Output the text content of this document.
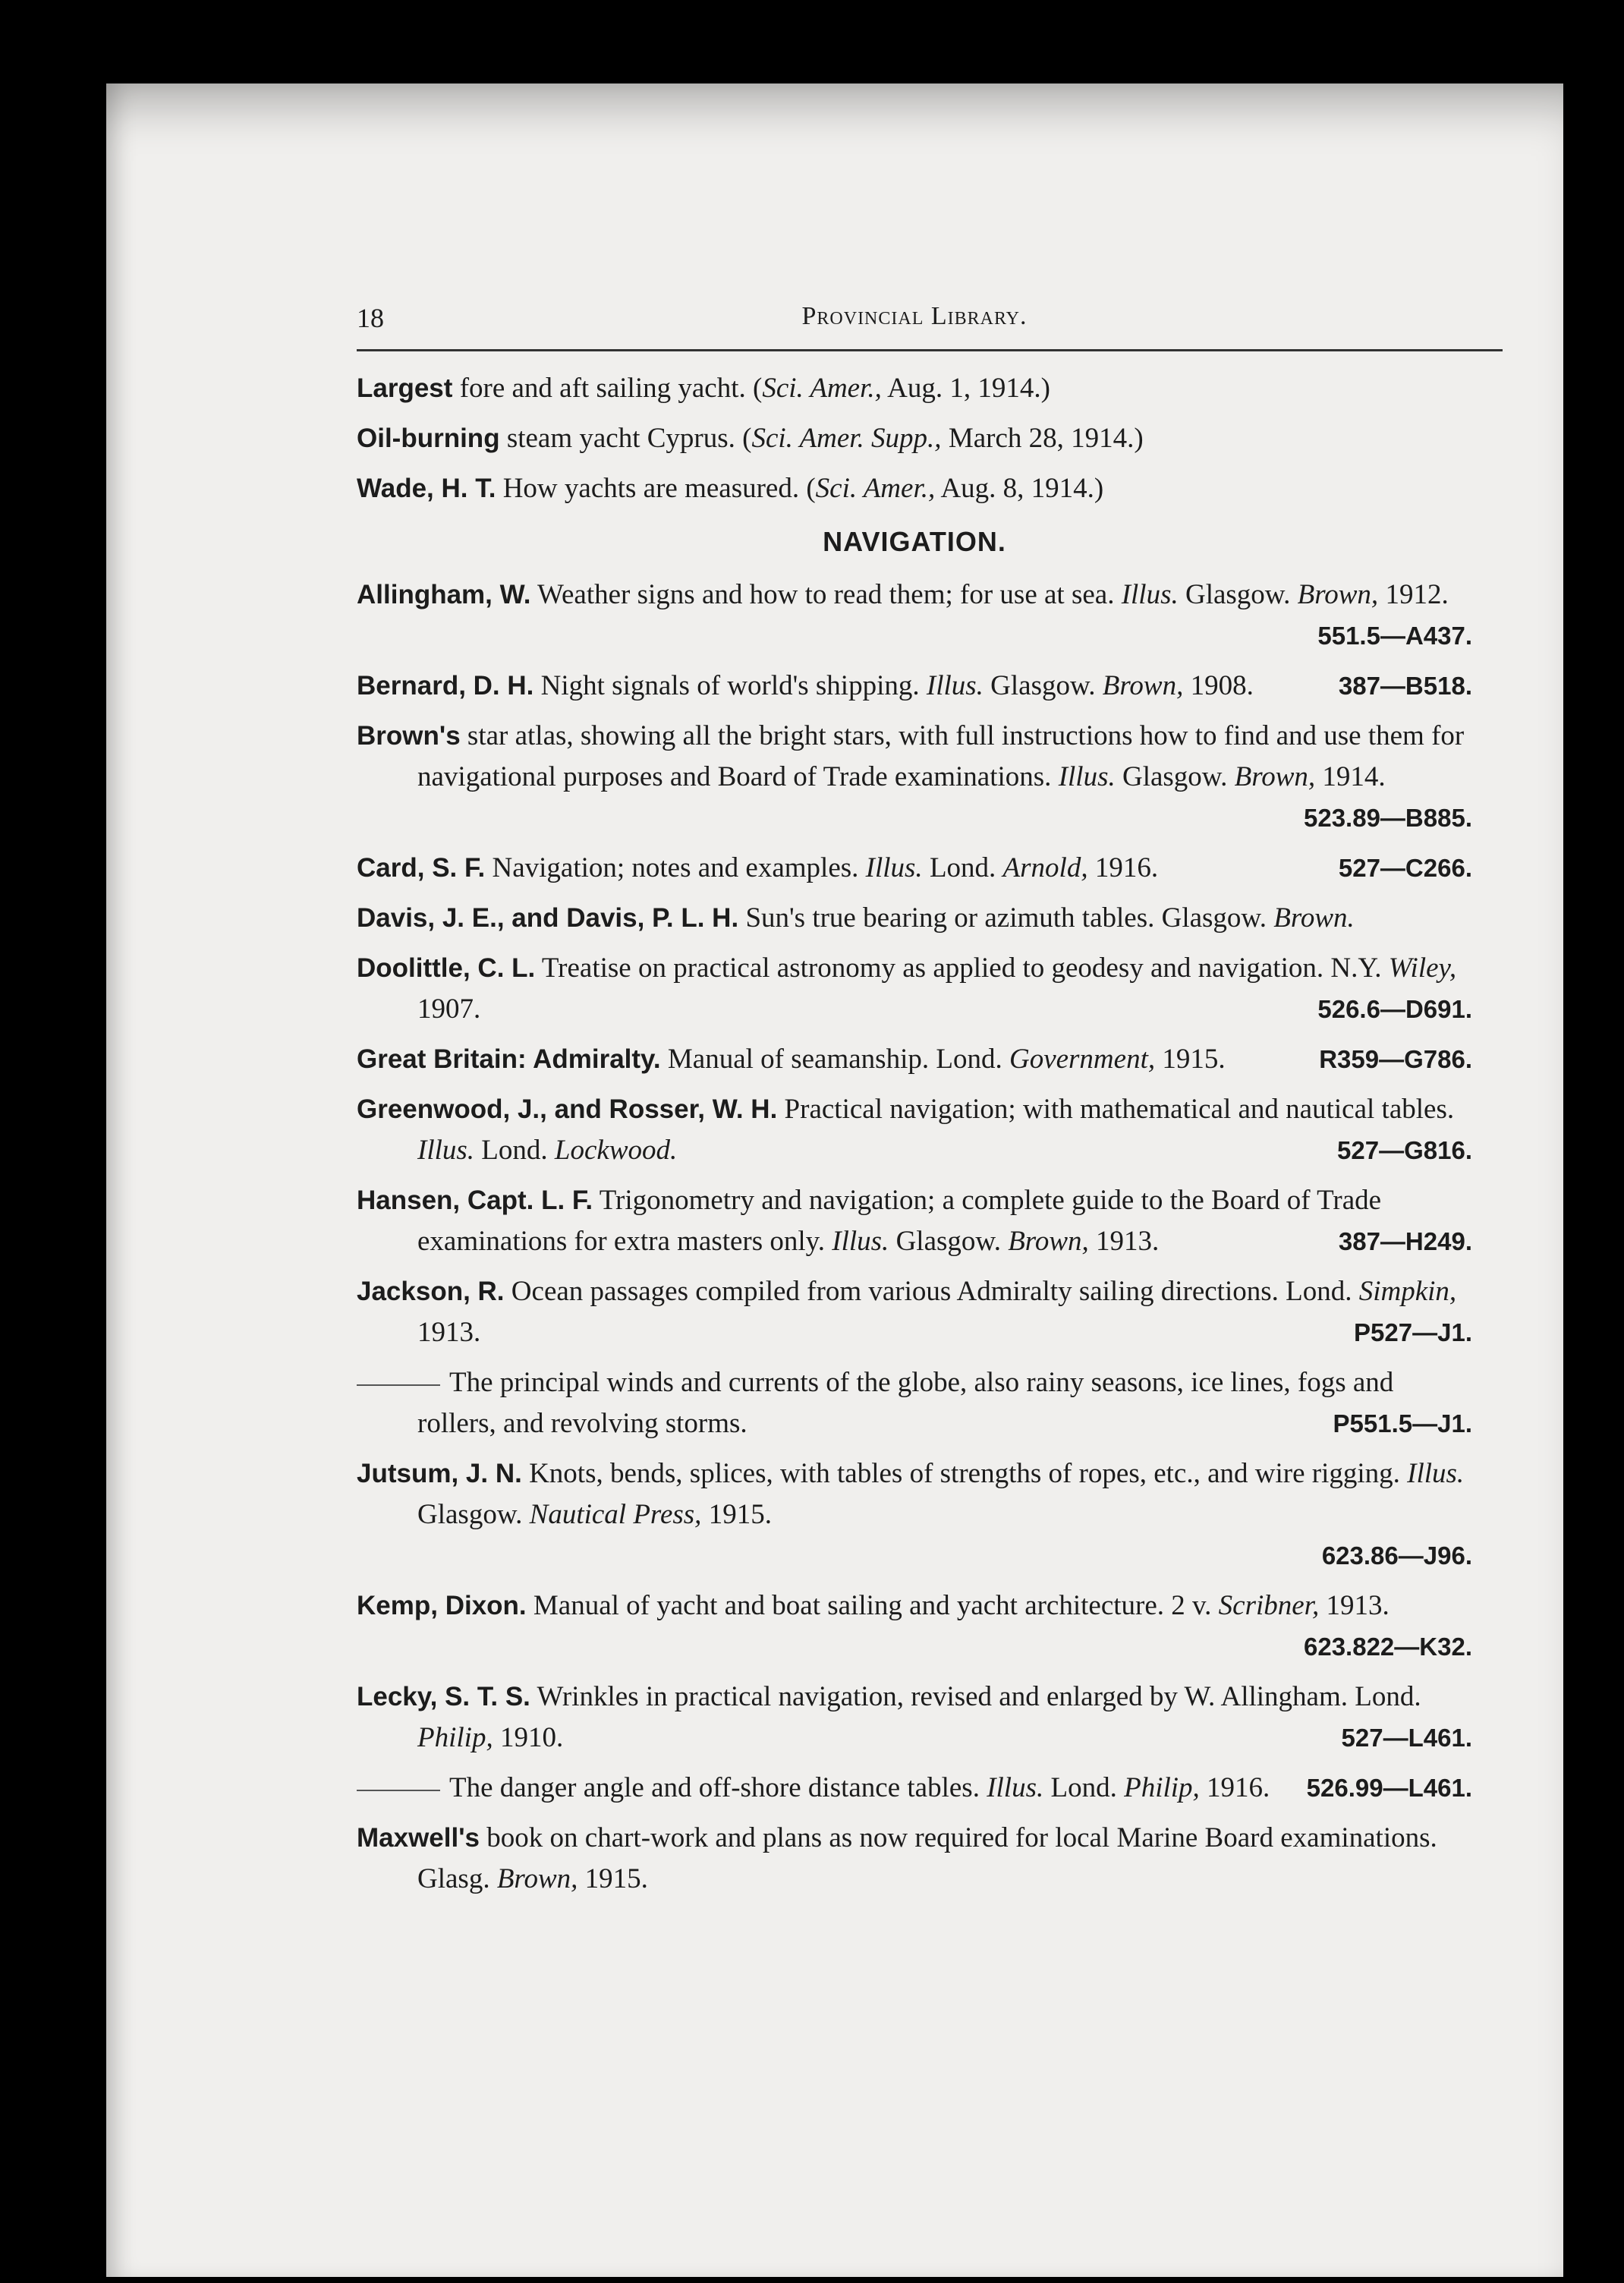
18	Provincial Library.
Largest fore and aft sailing yacht. (Sci. Amer., Aug. 1, 1914.)
Oil-burning steam yacht Cyprus. (Sci. Amer. Supp., March 28, 1914.)
Wade, H. T. How yachts are measured. (Sci. Amer., Aug. 8, 1914.)
NAVIGATION.
Allingham, W. Weather signs and how to read them; for use at sea. Illus. Glasgow. Brown, 1912.
551.5—A437.
Bernard, D. H. Night signals of world's shipping. Illus. Glasgow. Brown, 1908.	387—B518.
Brown's star atlas, showing all the bright stars, with full instructions how to find and use them for navigational purposes and Board of Trade examinations. Illus. Glasgow. Brown, 1914.
523.89—B885.
Card, S. F. Navigation; notes and examples. Illus. Lond. Arnold, 1916.	527—C266.
Davis, J. E., and Davis, P. L. H. Sun's true bearing or azimuth tables. Glasgow. Brown.
Doolittle, C. L. Treatise on practical astronomy as applied to geodesy and navigation. N.Y. Wiley, 1907.	526.6—D691.
Great Britain: Admiralty. Manual of seamanship. Lond. Government, 1915.	R359—G786.
Greenwood, J., and Rosser, W. H. Practical navigation; with mathematical and nautical tables. Illus. Lond. Lockwood.	527—G816.
Hansen, Capt. L. F. Trigonometry and navigation; a complete guide to the Board of Trade examinations for extra masters only. Illus. Glasgow. Brown, 1913.	387—H249.
Jackson, R. Ocean passages compiled from various Admiralty sailing directions. Lond. Simpkin, 1913.	P527—J1.
The principal winds and currents of the globe, also rainy seasons, ice lines, fogs and rollers, and revolving storms.	P551.5—J1.
Jutsum, J. N. Knots, bends, splices, with tables of strengths of ropes, etc., and wire rigging. Illus. Glasgow. Nautical Press, 1915.
623.86—J96.
Kemp, Dixon. Manual of yacht and boat sailing and yacht architecture. 2 v. Scribner, 1913.
623.822—K32.
Lecky, S. T. S. Wrinkles in practical navigation, revised and enlarged by W. Allingham. Lond. Philip, 1910.	527—L461.
The danger angle and off-shore distance tables. Illus. Lond. Philip, 1916. 526.99—L461.
Maxwell's book on chart-work and plans as now required for local Marine Board examinations. Glasg. Brown, 1915.
